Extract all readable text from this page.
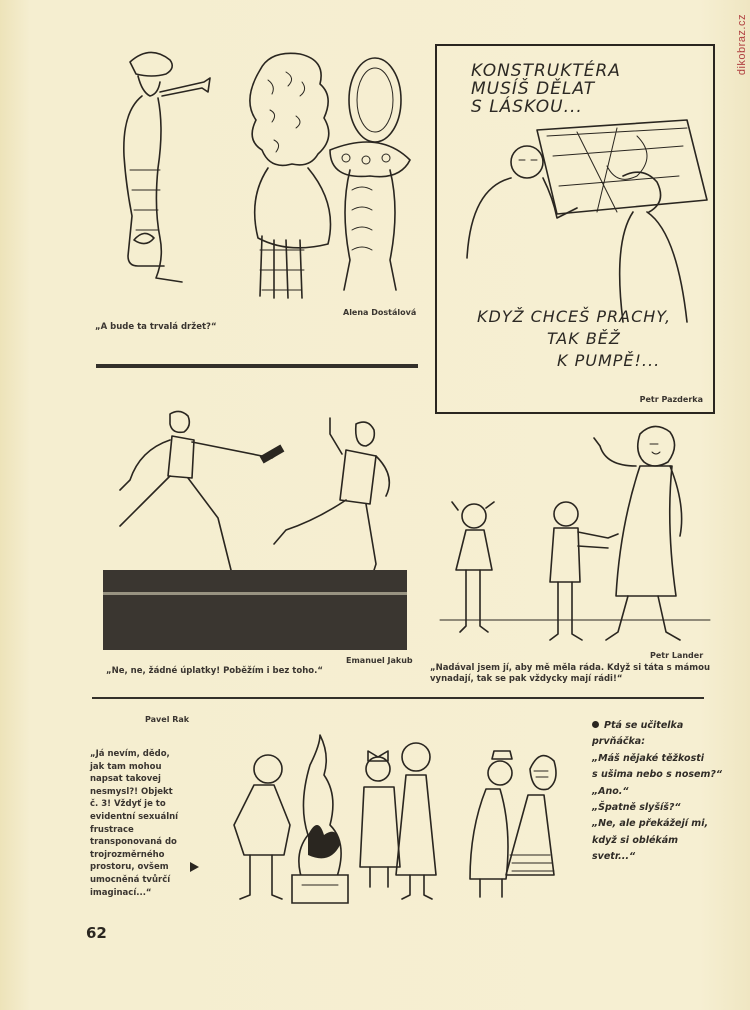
dikobraz.cz
„A bude ta trvalá držet?“
Alena Dostálová
KONSTRUKTÉRA
MUSÍŠ DĚLAT
S LÁSKOU...
KDYŽ CHCEŠ PRACHY,
TAK BĚŽ
K PUMPĚ!...
Petr Pazderka
„Ne, ne, žádné úplatky! Poběžím i bez toho.“
Emanuel Jakub
Petr Lander
„Nadával jsem jí, aby mě měla ráda. Když si táta s mámou
vynadají, tak se pak vždycky mají rádi!“
Pavel Rak
„Já nevím, dědo,
jak tam mohou
napsat takovej
nesmysl?! Objekt
č. 3! Vždyť je to
evidentní sexuální
frustrace
transponovaná do
trojrozměrného
prostoru, ovšem
umocněná tvůrčí
imaginací...“
Ptá se učitelka
prvňáčka:
„Máš nějaké těžkosti
s ušima nebo s nosem?“
„Ano.“
„Špatně slyšíš?“
„Ne, ale překážejí mi,
když si oblékám
svetr...“
62
